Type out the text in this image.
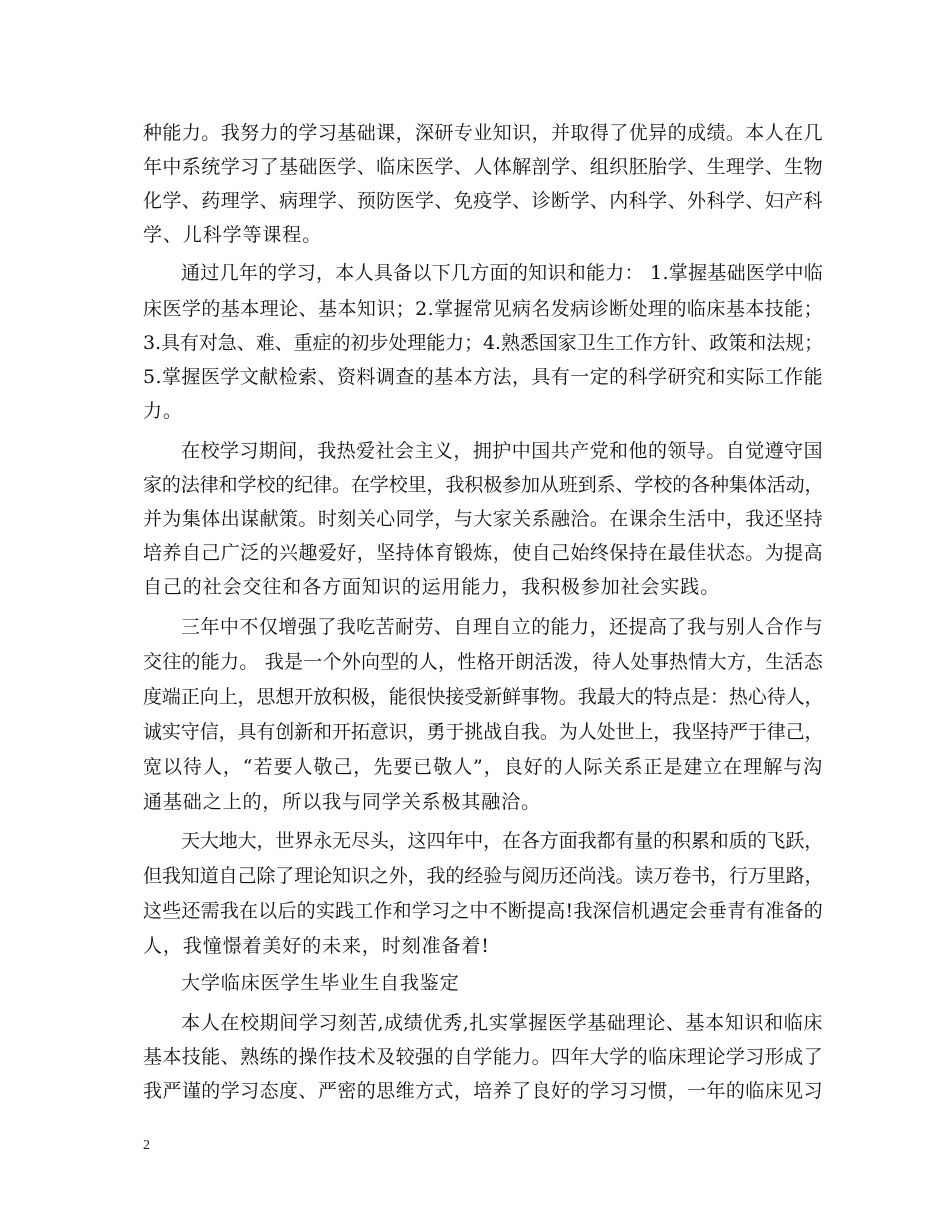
种能力。我努力的学习基础课，深研专业知识，并取得了优异的成绩。本人在几
年中系统学习了基础医学、临床医学、人体解剖学、组织胚胎学、生理学、生物
化学、药理学、病理学、预防医学、免疫学、诊断学、内科学、外科学、妇产科
学、儿科学等课程。
通过几年的学习，本人具备以下几方面的知识和能力： 1.掌握基础医学中临
床医学的基本理论、基本知识；2.掌握常见病名发病诊断处理的临床基本技能；
3.具有对急、难、重症的初步处理能力；4.熟悉国家卫生工作方针、政策和法规；
5.掌握医学文献检索、资料调查的基本方法，具有一定的科学研究和实际工作能
力。
在校学习期间，我热爱社会主义，拥护中国共产党和他的领导。自觉遵守国
家的法律和学校的纪律。在学校里，我积极参加从班到系、学校的各种集体活动，
并为集体出谋献策。时刻关心同学，与大家关系融洽。在课余生活中，我还坚持
培养自己广泛的兴趣爱好，坚持体育锻炼，使自己始终保持在最佳状态。为提高
自己的社会交往和各方面知识的运用能力，我积极参加社会实践。
三年中不仅增强了我吃苦耐劳、自理自立的能力，还提高了我与别人合作与
交往的能力。 我是一个外向型的人，性格开朗活泼，待人处事热情大方，生活态
度端正向上，思想开放积极，能很快接受新鲜事物。我最大的特点是：热心待人，
诚实守信，具有创新和开拓意识，勇于挑战自我。为人处世上，我坚持严于律己，
宽以待人，“若要人敬己，先要已敬人”，良好的人际关系正是建立在理解与沟
通基础之上的，所以我与同学关系极其融洽。
天大地大，世界永无尽头，这四年中，在各方面我都有量的积累和质的飞跃，
但我知道自己除了理论知识之外，我的经验与阅历还尚浅。读万卷书，行万里路，
这些还需我在以后的实践工作和学习之中不断提高!我深信机遇定会垂青有准备的
人，我憧憬着美好的未来，时刻准备着!
大学临床医学生毕业生自我鉴定
本人在校期间学习刻苦,成绩优秀,扎实掌握医学基础理论、基本知识和临床
基本技能、熟练的操作技术及较强的自学能力。四年大学的临床理论学习形成了
我严谨的学习态度、严密的思维方式，培养了良好的学习习惯，一年的临床见习
2
